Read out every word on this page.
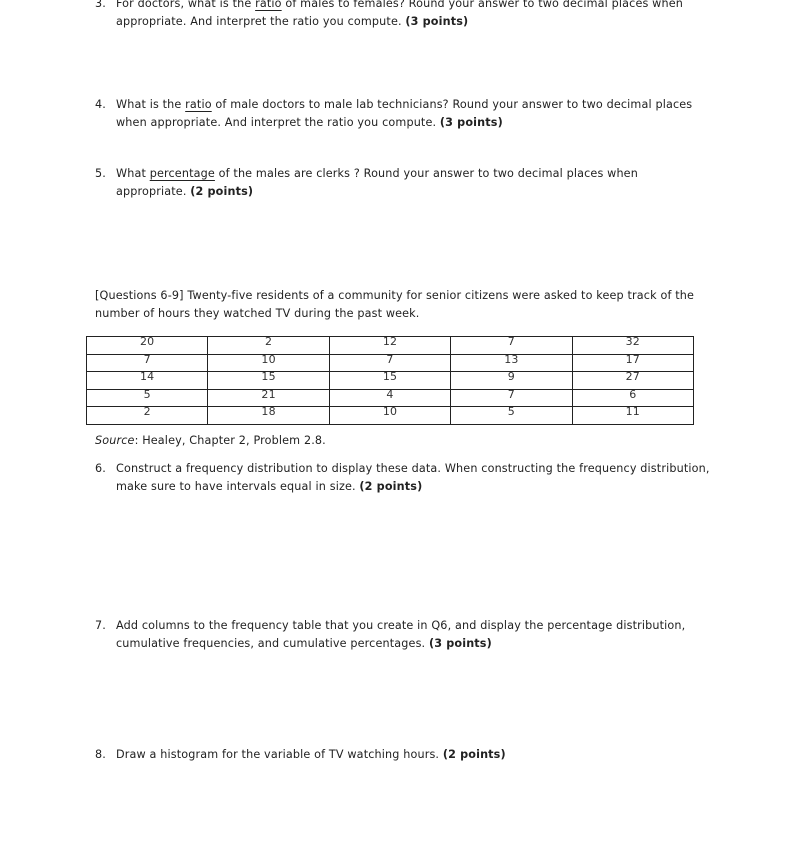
3. For doctors, what is the ratio of males to females? Round your answer to two decimal places when appropriate. And interpret the ratio you compute. (3 points)
4. What is the ratio of male doctors to male lab technicians? Round your answer to two decimal places when appropriate. And interpret the ratio you compute. (3 points)
5. What percentage of the males are clerks ? Round your answer to two decimal places when appropriate. (2 points)
[Questions 6-9] Twenty-five residents of a community for senior citizens were asked to keep track of the number of hours they watched TV during the past week.
20	2	12	7	32
7	10	7	13	17
14	15	15	9	27
5	21	4	7	6
2	18	10	5	11
Source: Healey, Chapter 2, Problem 2.8.
6. Construct a frequency distribution to display these data. When constructing the frequency distribution, make sure to have intervals equal in size. (2 points)
7. Add columns to the frequency table that you create in Q6, and display the percentage distribution, cumulative frequencies, and cumulative percentages. (3 points)
8. Draw a histogram for the variable of TV watching hours. (2 points)
